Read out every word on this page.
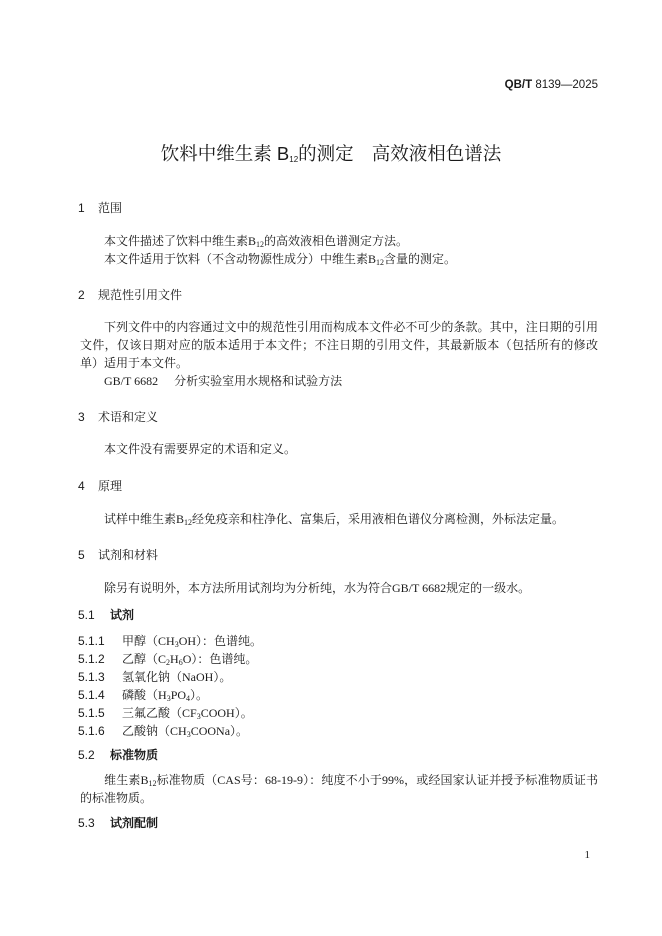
QB/T 8139—2025
饮料中维生素 $B_{12}$的测定 高效液相色谱法
1 范围
本文件描述了饮料中维生素$B_{12}$的高效液相色谱测定方法。
本文件适用于饮料（不含动物源性成分）中维生素$B_{12}$含量的测定。
2 规范性引用文件
下列文件中的内容通过文中的规范性引用而构成本文件必不可少的条款。其中，注日期的引用文件，仅该日期对应的版本适用于本文件；不注日期的引用文件，其最新版本（包括所有的修改单）适用于本文件。
GB/T 6682 分析实验室用水规格和试验方法
3 术语和定义
本文件没有需要界定的术语和定义。
4 原理
试样中维生素$B_{12}$经免疫亲和柱净化、富集后，采用液相色谱仪分离检测，外标法定量。
5 试剂和材料
除另有说明外，本方法所用试剂均为分析纯，水为符合GB/T 6682规定的一级水。
5.1 试剂
5.1.1 甲醇$(CH_3OH)$：色谱纯。
5.1.2 乙醇$(C_2H_6O)$：色谱纯。
5.1.3 氢氧化钠（NaOH）。
5.1.4 磷酸$(H_3PO_4)$。
5.1.5 三氟乙酸$(CF_3COOH)$。
5.1.6 乙酸钠$(CH_3COONa)$。
5.2 标准物质
维生素$B_{12}$标准物质（CAS号：68-19-9）：纯度不小于99%，或经国家认证并授予标准物质证书的标准物质。
5.3 试剂配制
1
